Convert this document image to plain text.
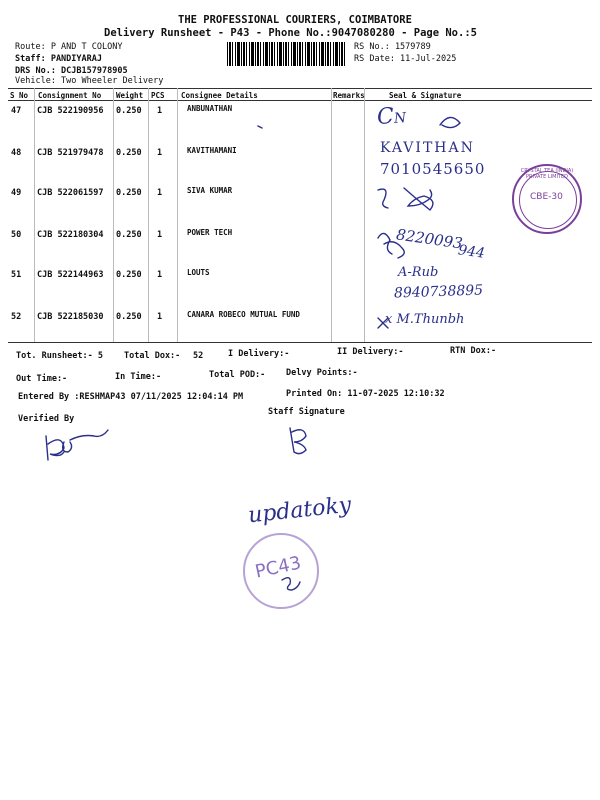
THE PROFESSIONAL COURIERS, COIMBATORE
Delivery Runsheet - P43 - Phone No.:9047080280 - Page No.:5
Route: P AND T COLONY
Staff: PANDIYARAJ
DRS No.: DCJB157978905
Vehicle: Two Wheeler Delivery
RS No.: 1579789
RS Date: 11-Jul-2025
S No Consignment No Weight PCS Consignee Details	Remarks	Seal & Signature
47 CJB 522190956 0.250 1	ANBUNATHAN
48 CJB 521979478 0.250 1	KAVITHAMANI
49 CJB 522061597 0.250 1	SIVA KUMAR
50 CJB 522180304 0.250 1	POWER TECH
51 CJB 522144963 0.250 1	LOUTS
52 CJB 522185030 0.250 1	CANARA ROBECO MUTUAL FUND
CN
KAVITHAN
7010545650
8220093
944
A-Rub
8940738895
x M.Thunbh
updatoky
CRYSTAL TEA (INDIA) PRIVATE LIMITED
CBE-30
PC43
Tot. Runsheet:- 5 Total Dox:- 52	I Delivery:-	II Delivery:-	RTN Dox:-
Out Time:-	In Time:-	Total POD:- Delvy Points:-
Entered By :RESHMAP43 07/11/2025 12:04:14 PM	Printed On: 11-07-2025 12:10:32
Verified By
Staff Signature
